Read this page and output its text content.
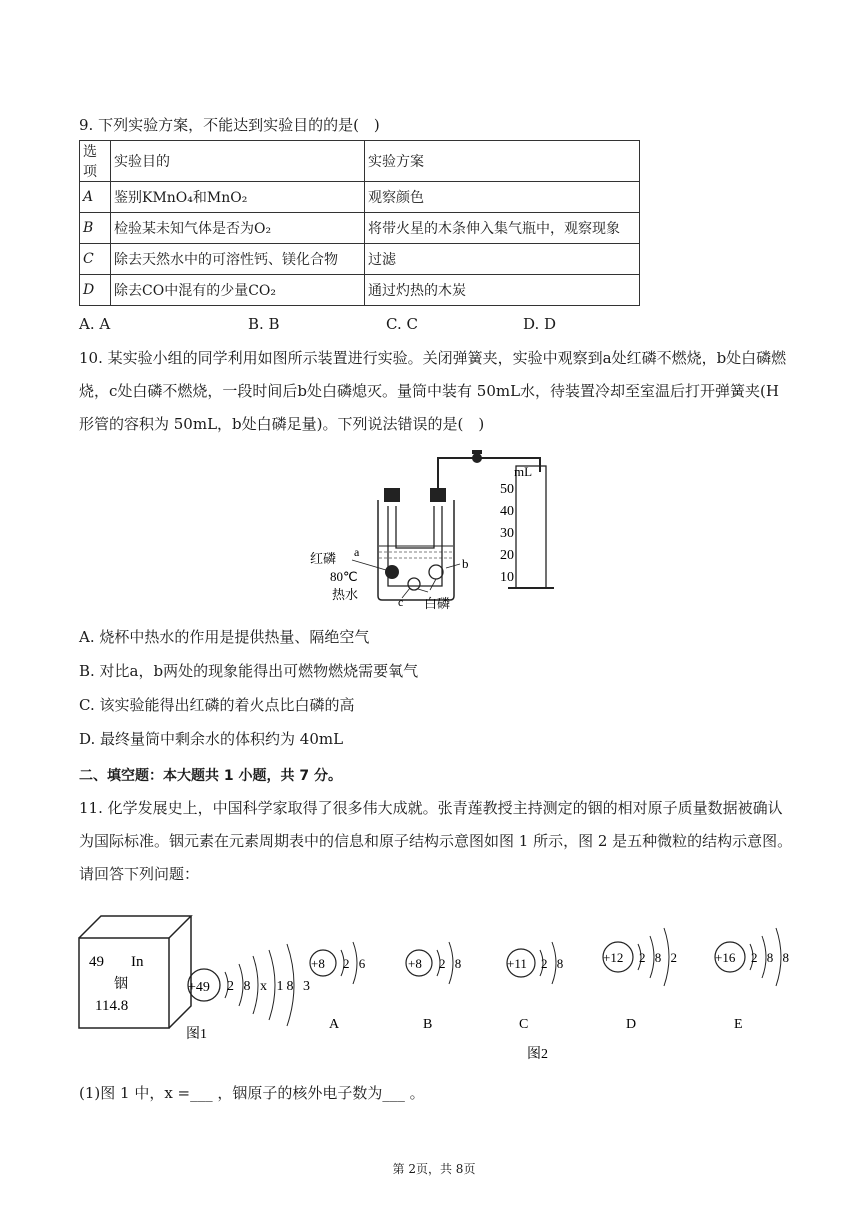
9. 下列实验方案，不能达到实验目的的是(　)
选项	实验目的	实验方案
A	鉴别KMnO₄和MnO₂	观察颜色
B	检验某未知气体是否为O₂	将带火星的木条伸入集气瓶中，观察现象
C	除去天然水中的可溶性钙、镁化合物	过滤
D	除去CO中混有的少量CO₂	通过灼热的木炭
A. A	B. B	C. C	D. D
10. 某实验小组的同学利用如图所示装置进行实验。关闭弹簧夹，实验中观察到a处红磷不燃烧，b处白磷燃
烧，c处白磷不燃烧，一段时间后b处白磷熄灭。量筒中装有 50mL水，待装置冷却至室温后打开弹簧夹(H
形管的容积为 50mL，b处白磷足量)。下列说法错误的是(　)
mL
50
40
30
20
10
红磷 a
80℃
热水
b
c 白磷
A. 烧杯中热水的作用是提供热量、隔绝空气
B. 对比a，b两处的现象能得出可燃物燃烧需要氧气
C. 该实验能得出红磷的着火点比白磷的高
D. 最终量筒中剩余水的体积约为 40mL
二、填空题：本大题共 1 小题，共 7 分。
11. 化学发展史上，中国科学家取得了很多伟大成就。张青莲教授主持测定的铟的相对原子质量数据被确认
为国际标准。铟元素在元素周期表中的信息和原子结构示意图如图 1 所示，图 2 是五种微粒的结构示意图。
请回答下列问题：
49 In
铟
114.8
+49 2 8 x 18 3
图1
+8 2 6
A
+8 2 8
B
+11 2 8
C
+12 2 8 2
D
+16 2 8 8
E
图2
(1)图 1 中，x =___ ，铟原子的核外电子数为___ 。
第 2页，共 8页
